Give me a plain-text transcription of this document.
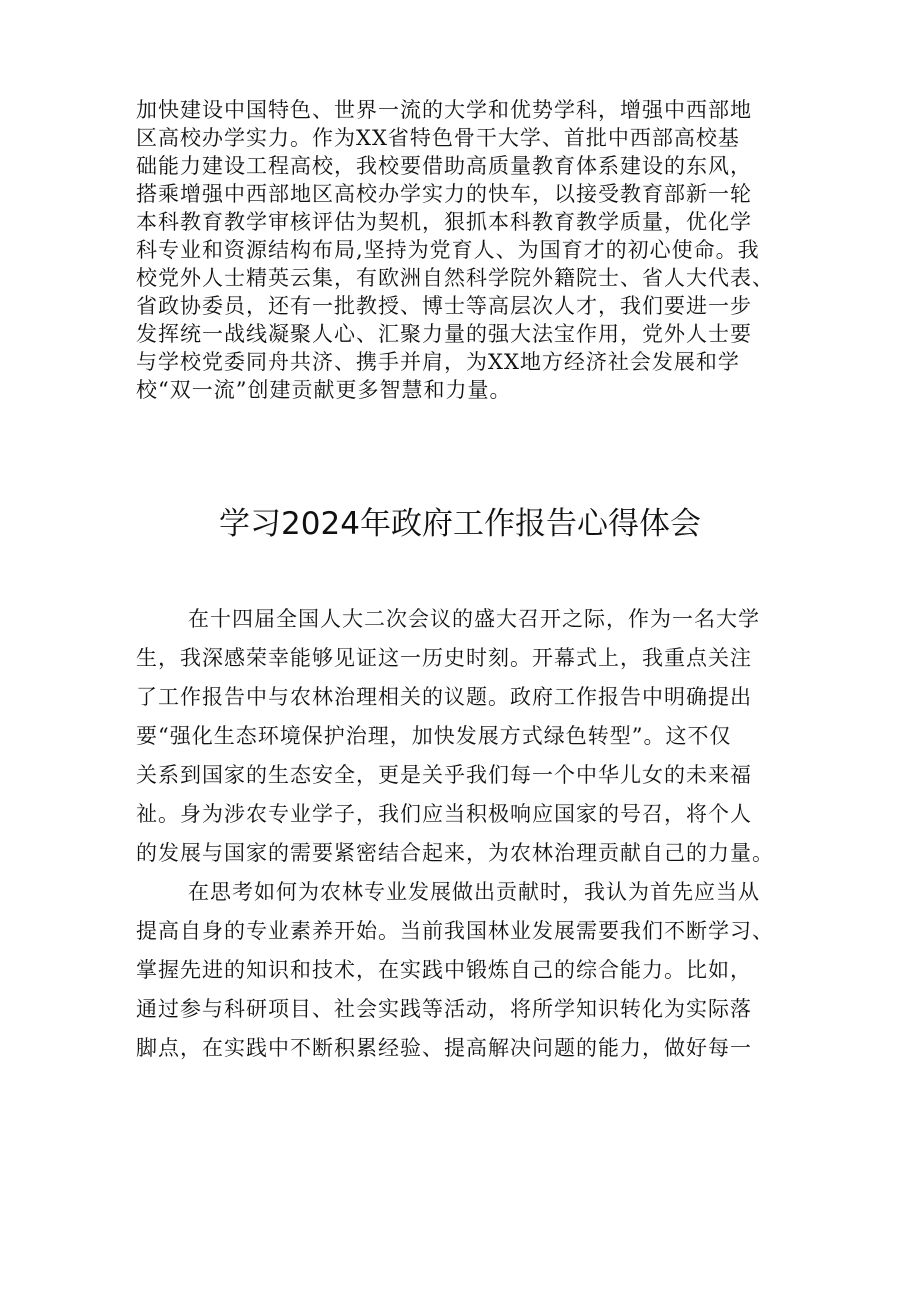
加快建设中国特色、世界一流的大学和优势学科，增强中西部地
区高校办学实力。作为XX省特色骨干大学、首批中西部高校基
础能力建设工程高校，我校要借助高质量教育体系建设的东风，
搭乘增强中西部地区高校办学实力的快车，以接受教育部新一轮
本科教育教学审核评估为契机，狠抓本科教育教学质量，优化学
科专业和资源结构布局,坚持为党育人、为国育才的初心使命。我
校党外人士精英云集，有欧洲自然科学院外籍院士、省人大代表、
省政协委员，还有一批教授、博士等高层次人才，我们要进一步
发挥统一战线凝聚人心、汇聚力量的强大法宝作用，党外人士要
与学校党委同舟共济、携手并肩，为XX地方经济社会发展和学
校“双一流”创建贡献更多智慧和力量。
学习2024年政府工作报告心得体会
在十四届全国人大二次会议的盛大召开之际，作为一名大学
生，我深感荣幸能够见证这一历史时刻。开幕式上，我重点关注
了工作报告中与农林治理相关的议题。政府工作报告中明确提出
要“强化生态环境保护治理，加快发展方式绿色转型”。这不仅
关系到国家的生态安全，更是关乎我们每一个中华儿女的未来福
祉。身为涉农专业学子，我们应当积极响应国家的号召，将个人
的发展与国家的需要紧密结合起来，为农林治理贡献自己的力量。
在思考如何为农林专业发展做出贡献时，我认为首先应当从
提高自身的专业素养开始。当前我国林业发展需要我们不断学习、
掌握先进的知识和技术，在实践中锻炼自己的综合能力。比如，
通过参与科研项目、社会实践等活动，将所学知识转化为实际落
脚点，在实践中不断积累经验、提高解决问题的能力，做好每一
